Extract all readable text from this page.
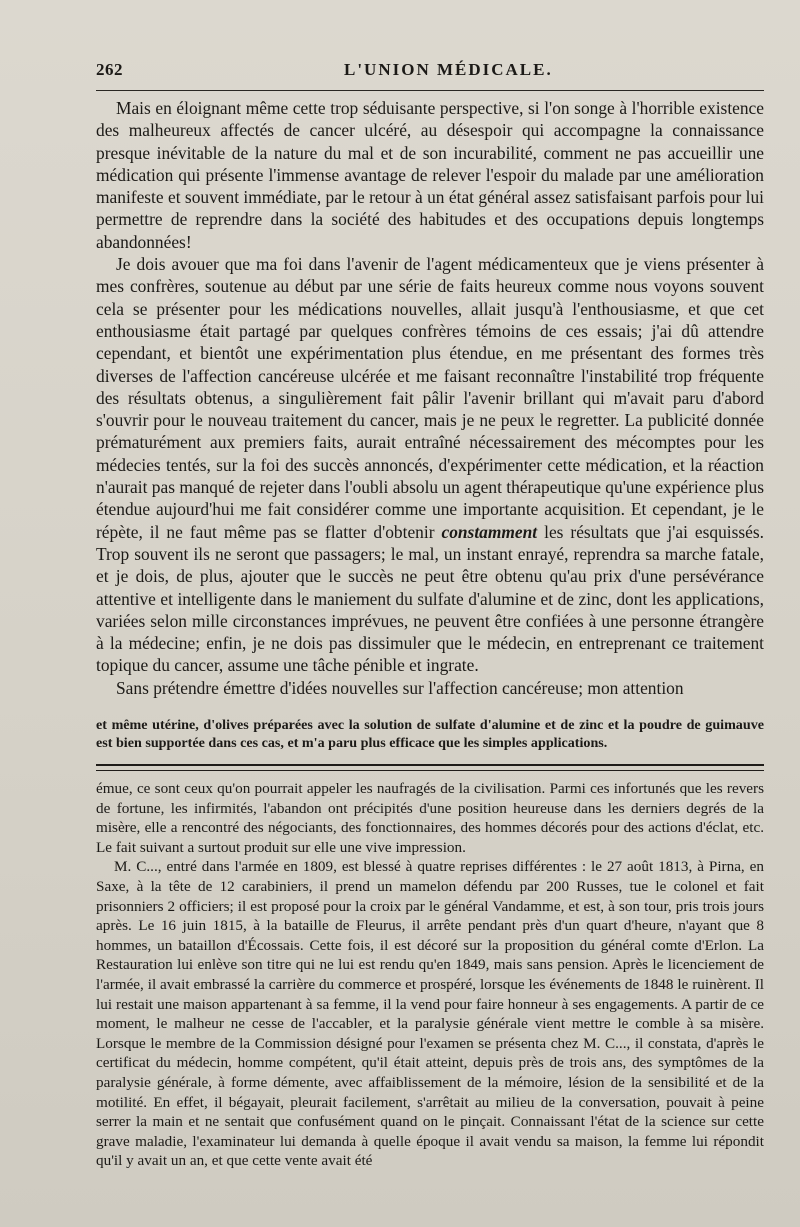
262	L'UNION MÉDICALE.

Mais en éloignant même cette trop séduisante perspective, si l'on songe à l'horrible existence des malheureux affectés de cancer ulcéré, au désespoir qui accompagne la connaissance presque inévitable de la nature du mal et de son incurabilité, comment ne pas accueillir une médication qui présente l'immense avantage de relever l'espoir du malade par une amélioration manifeste et souvent immédiate, par le retour à un état général assez satisfaisant parfois pour lui permettre de reprendre dans la société des habitudes et des occupations depuis longtemps abandonnées!

Je dois avouer que ma foi dans l'avenir de l'agent médicamenteux que je viens présenter à mes confrères, soutenue au début par une série de faits heureux comme nous voyons souvent cela se présenter pour les médications nouvelles, allait jusqu'à l'enthousiasme, et que cet enthousiasme était partagé par quelques confrères témoins de ces essais; j'ai dû attendre cependant, et bientôt une expérimentation plus étendue, en me présentant des formes très diverses de l'affection cancéreuse ulcérée et me faisant reconnaître l'instabilité trop fréquente des résultats obtenus, a singulièrement fait pâlir l'avenir brillant qui m'avait paru d'abord s'ouvrir pour le nouveau traitement du cancer, mais je ne peux le regretter. La publicité donnée prématurément aux premiers faits, aurait entraîné nécessairement des mécomptes pour les médecies tentés, sur la foi des succès annoncés, d'expérimenter cette médication, et la réaction n'aurait pas manqué de rejeter dans l'oubli absolu un agent thérapeutique qu'une expérience plus étendue aujourd'hui me fait considérer comme une importante acquisition. Et cependant, je le répète, il ne faut même pas se flatter d'obtenir constamment les résultats que j'ai esquissés. Trop souvent ils ne seront que passagers; le mal, un instant enrayé, reprendra sa marche fatale, et je dois, de plus, ajouter que le succès ne peut être obtenu qu'au prix d'une persévérance attentive et intelligente dans le maniement du sulfate d'alumine et de zinc, dont les applications, variées selon mille circonstances imprévues, ne peuvent être confiées à une personne étrangère à la médecine; enfin, je ne dois pas dissimuler que le médecin, en entreprenant ce traitement topique du cancer, assume une tâche pénible et ingrate.

Sans prétendre émettre d'idées nouvelles sur l'affection cancéreuse; mon attention

et même utérine, d'olives préparées avec la solution de sulfate d'alumine et de zinc et la poudre de guimauve est bien supportée dans ces cas, et m'a paru plus efficace que les simples applications.

émue, ce sont ceux qu'on pourrait appeler les naufragés de la civilisation. Parmi ces infortunés que les revers de fortune, les infirmités, l'abandon ont précipités d'une position heureuse dans les derniers degrés de la misère, elle a rencontré des négociants, des fonctionnaires, des hommes décorés pour des actions d'éclat, etc. Le fait suivant a surtout produit sur elle une vive impression.

M. C..., entré dans l'armée en 1809, est blessé à quatre reprises différentes : le 27 août 1813, à Pirna, en Saxe, à la tête de 12 carabiniers, il prend un mamelon défendu par 200 Russes, tue le colonel et fait prisonniers 2 officiers; il est proposé pour la croix par le général Vandamme, et est, à son tour, pris trois jours après. Le 16 juin 1815, à la bataille de Fleurus, il arrête pendant près d'un quart d'heure, n'ayant que 8 hommes, un bataillon d'Écossais. Cette fois, il est décoré sur la proposition du général comte d'Erlon. La Restauration lui enlève son titre qui ne lui est rendu qu'en 1849, mais sans pension. Après le licenciement de l'armée, il avait embrassé la carrière du commerce et prospéré, lorsque les événements de 1848 le ruinèrent. Il lui restait une maison appartenant à sa femme, il la vend pour faire honneur à ses engagements. A partir de ce moment, le malheur ne cesse de l'accabler, et la paralysie générale vient mettre le comble à sa misère. Lorsque le membre de la Commission désigné pour l'examen se présenta chez M. C..., il constata, d'après le certificat du médecin, homme compétent, qu'il était atteint, depuis près de trois ans, des symptômes de la paralysie générale, à forme démente, avec affaiblissement de la mémoire, lésion de la sensibilité et de la motilité. En effet, il bégayait, pleurait facilement, s'arrêtait au milieu de la conversation, pouvait à peine serrer la main et ne sentait que confusément quand on le pinçait. Connaissant l'état de la science sur cette grave maladie, l'examinateur lui demanda à quelle époque il avait vendu sa maison, la femme lui répondit qu'il y avait un an, et que cette vente avait été
